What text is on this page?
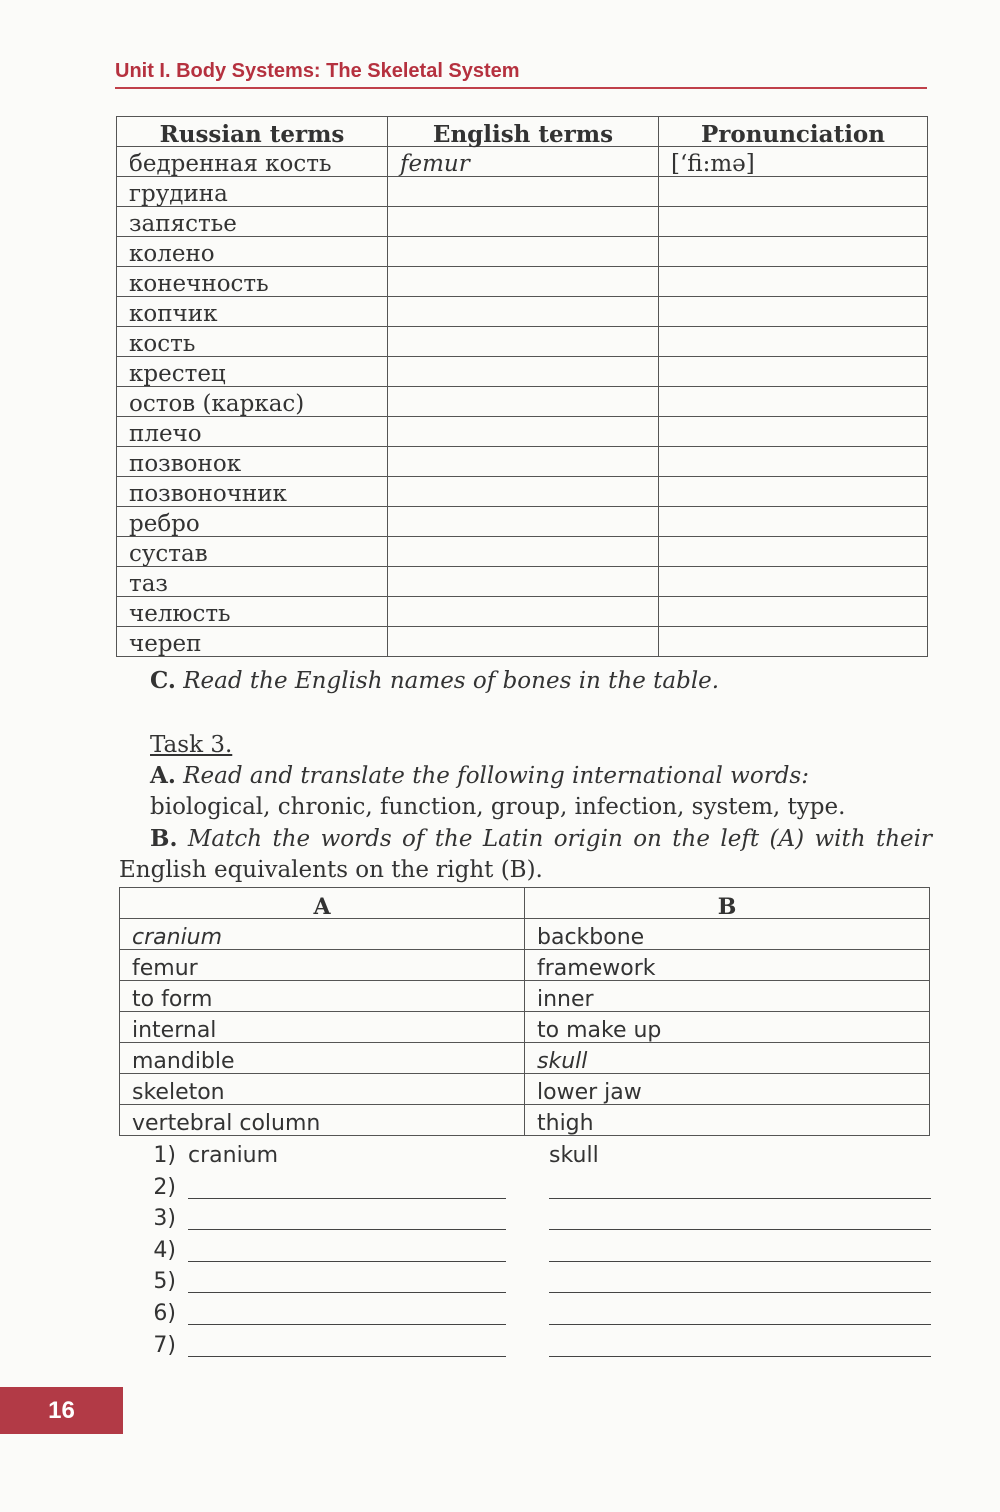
Unit I. Body Systems: The Skeletal System
Russian terms	English terms	Pronunciation
бедренная кость	femur	[‘fi:mə]
грудина		
запястье		
колено		
конечность		
копчик		
кость		
крестец		
остов (каркас)		
плечо		
позвонок		
позвоночник		
ребро		
сустав		
таз		
челюсть		
череп		
C. Read the English names of bones in the table.
Task 3.
A. Read and translate the following international words:
biological, chronic, function, group, infection, system, type.
B. Match the words of the Latin origin on the left (A) with their
English equivalents on the right (B).
A	B
cranium	backbone
femur	framework
to form	inner
internal	to make up
mandible	skull
skeleton	lower jaw
vertebral column	thigh
1) cranium	skull
2)
3)
4)
5)
6)
7)
16
